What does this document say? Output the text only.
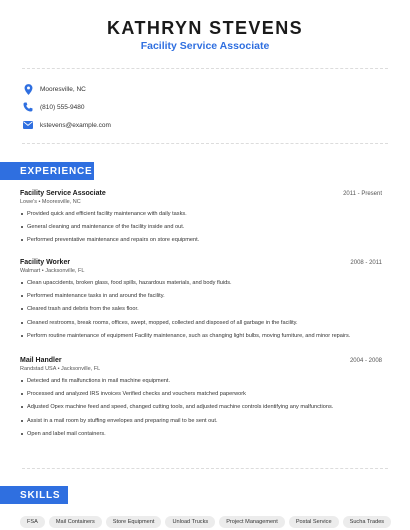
KATHRYN STEVENS
Facility Service Associate
Mooresville, NC
(810) 555-9480
kstevens@example.com
EXPERIENCE
Facility Service Associate	2011 - Present
Lowe's • Mooresville, NC
Provided quick and efficient facility maintenance with daily tasks.
General cleaning and maintenance of the facility inside and out.
Performed preventative maintenance and repairs on store equipment.
Facility Worker	2008 - 2011
Walmart • Jacksonville, FL
Clean upaccidents, broken glass, food spills, hazardous materials, and body fluids.
Performed maintenance tasks in and around the facility.
Cleared trash and debris from the sales floor.
Cleaned restrooms, break rooms, offices, swept, mopped, collected and disposed of all garbage in the facility.
Perform routine maintenance of equipment Facility maintenance, such as changing light bulbs, moving furniture, and minor repairs.
Mail Handler	2004 - 2008
Randstad USA • Jacksonville, FL
Detected and fix malfunctions in mail machine equipment.
Processed and analyzed IRS invoices Verified checks and vouchers matched paperwork
Adjusted Opex machine feed and speed, changed cutting tools, and adjusted machine controls identifying any malfunctions.
Assist in a mail room by stuffing envelopes and preparing mail to be sent out.
Open and label mail containers.
SKILLS
FSA	Mail Containers	Store Equipment	Unload Trucks	Project Management	Postal Service	Sucha Trades
